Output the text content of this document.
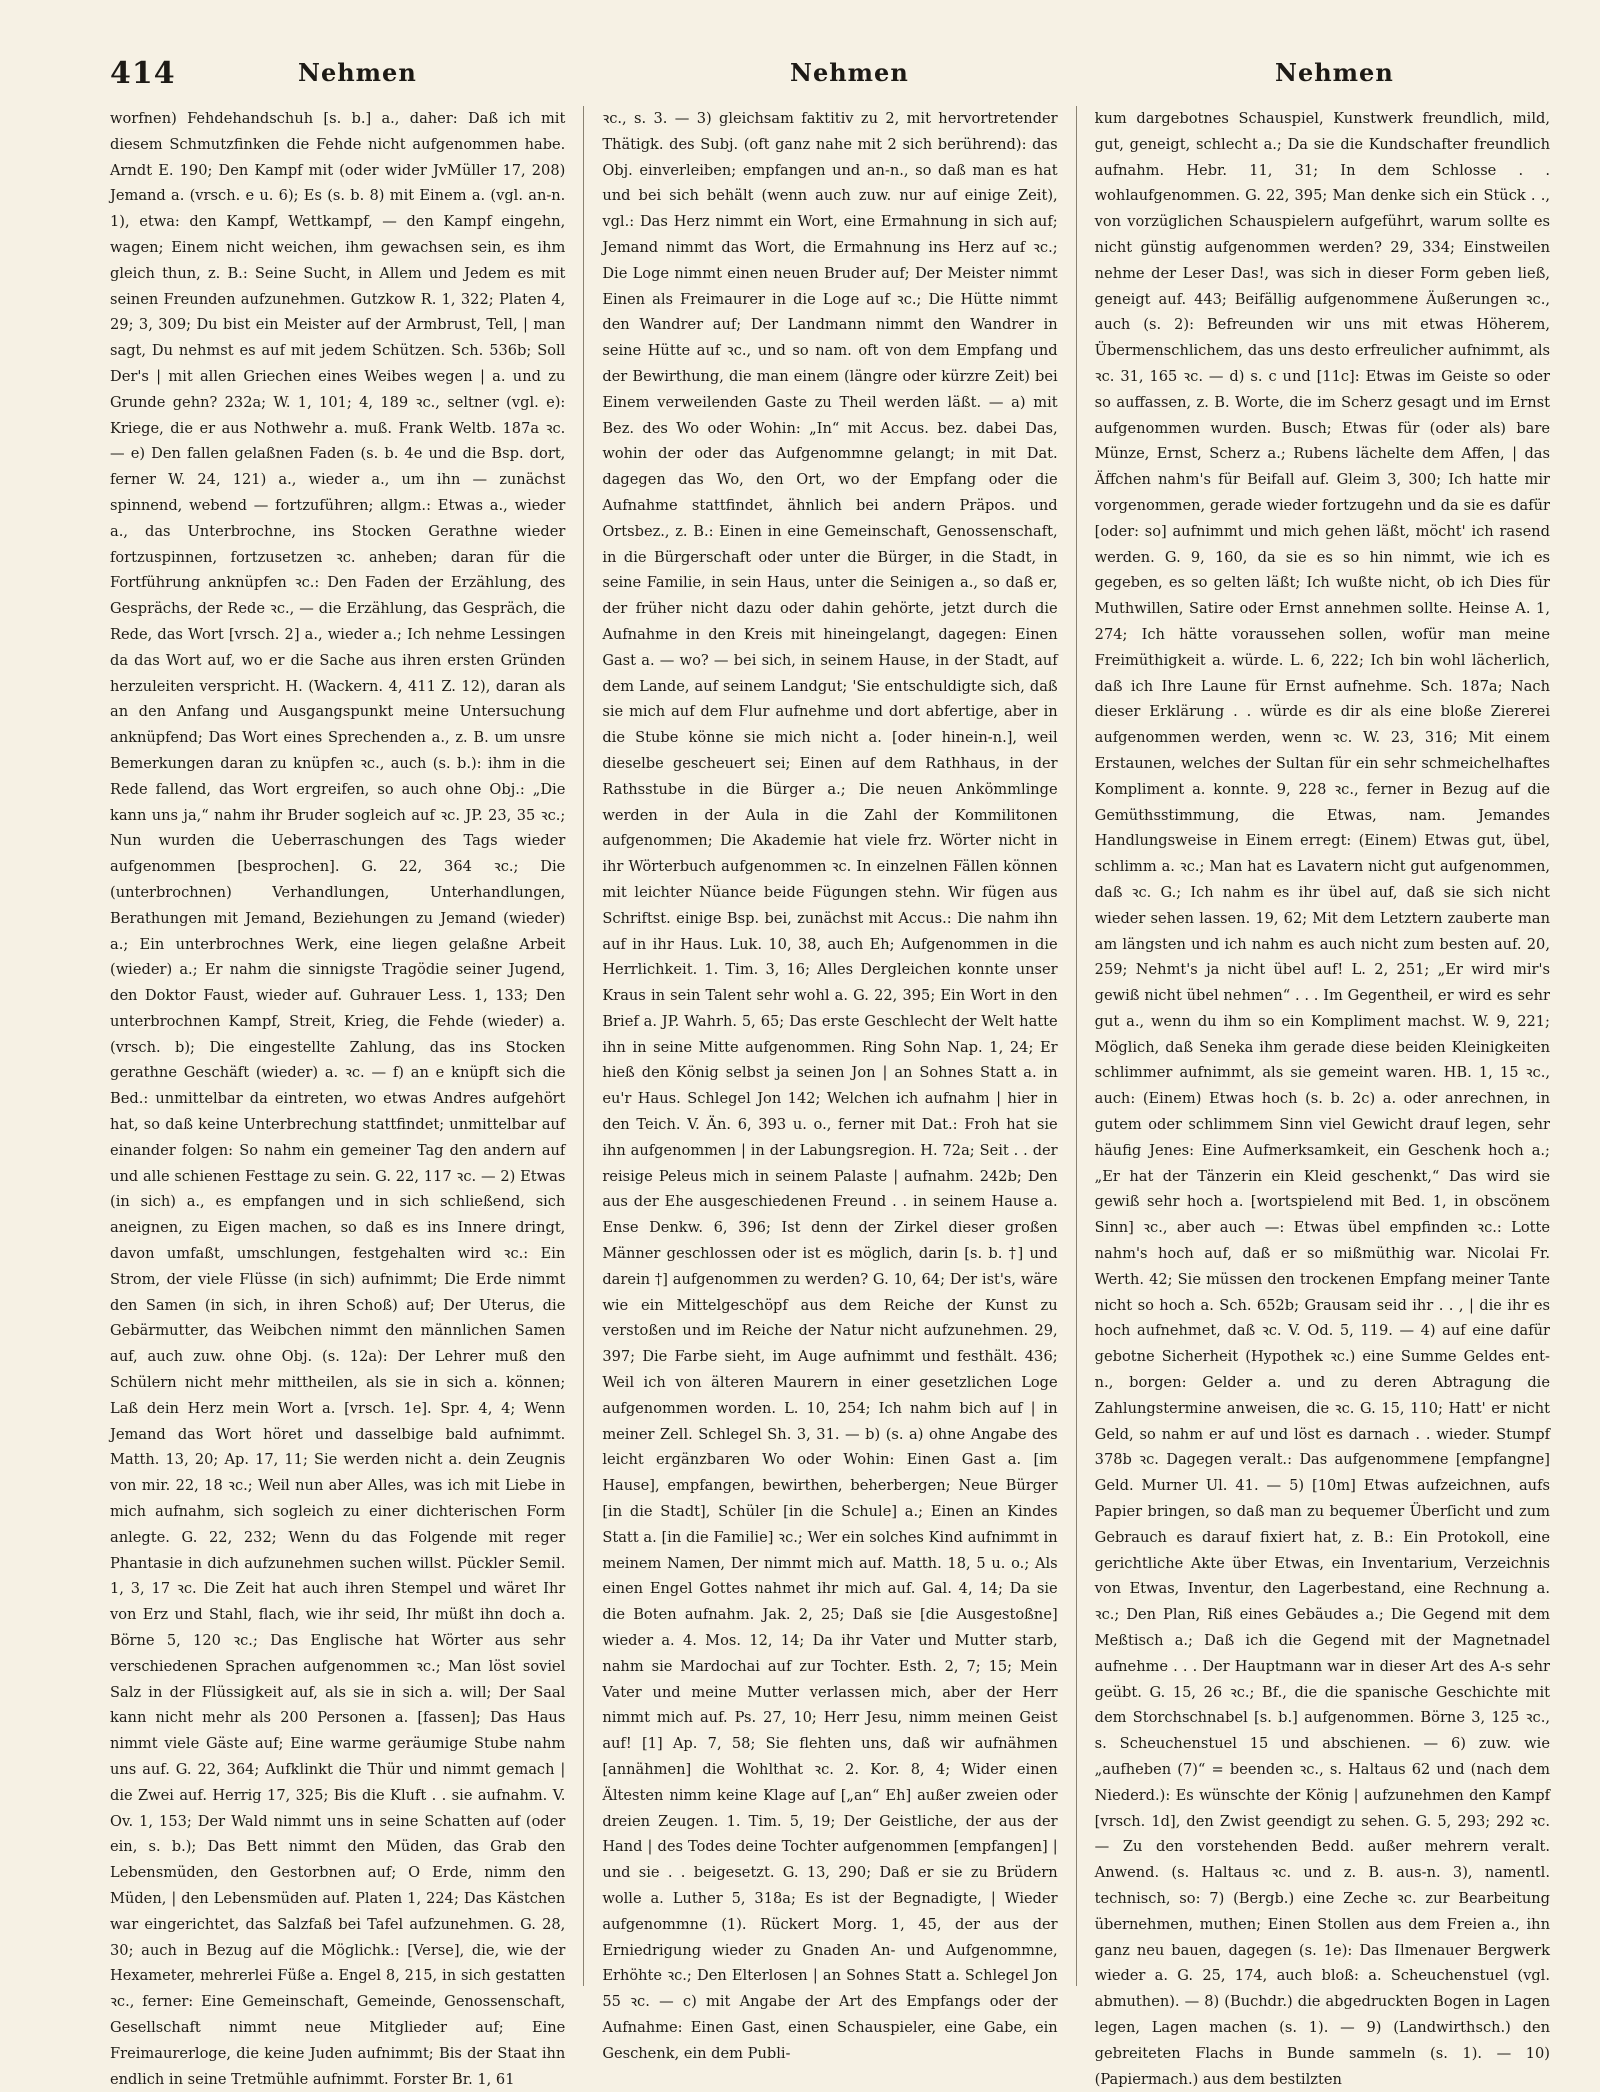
414	Nehmen	Nehmen	Nehmen
worfnen) Fehdehandschuh [s. b.] a., daher: Daß ich mit diesem Schmutzfinken die Fehde nicht aufgenommen habe. Arndt E. 190; Den Kampf mit (oder wider JvMüller 17, 208) Jemand a. (vrsch. e u. 6); Es (s. b. 8) mit Einem a. (vgl. an-n. 1), etwa: den Kampf, Wettkampf, — den Kampf eingehn, wagen; Einem nicht weichen, ihm gewachsen sein, es ihm gleich thun, z. B.: Seine Sucht, in Allem und Jedem es mit seinen Freunden aufzunehmen. Gutzkow R. 1, 322; Platen 4, 29; 3, 309; Du bist ein Meister auf der Armbrust, Tell, | man sagt, Du nehmst es auf mit jedem Schützen. Sch. 536b; Soll Der's | mit allen Griechen eines Weibes wegen | a. und zu Grunde gehn? 232a; W. 1, 101; 4, 189 ꝛc., seltner (vgl. e): Kriege, die er aus Nothwehr a. muß. Frank Weltb. 187a ꝛc. — e) Den fallen gelaßnen Faden (s. b. 4e und die Bsp. dort, ferner W. 24, 121) a., wieder a., um ihn — zunächst spinnend, webend — fortzuführen; allgm.: Etwas a., wieder a., das Unterbrochne, ins Stocken Gerathne wieder fortzuspinnen, fortzusetzen ꝛc. anheben; daran für die Fortführung anknüpfen ꝛc.: Den Faden der Erzählung, des Gesprächs, der Rede ꝛc., — die Erzählung, das Gespräch, die Rede, das Wort [vrsch. 2] a., wieder a.; Ich nehme Lessingen da das Wort auf, wo er die Sache aus ihren ersten Gründen herzuleiten verspricht. H. (Wackern. 4, 411 Z. 12), daran als an den Anfang und Ausgangspunkt meine Untersuchung anknüpfend; Das Wort eines Sprechenden a., z. B. um unsre Bemerkungen daran zu knüpfen ꝛc., auch (s. b.): ihm in die Rede fallend, das Wort ergreifen, so auch ohne Obj.: „Die kann uns ja,“ nahm ihr Bruder sogleich auf ꝛc. JP. 23, 35 ꝛc.; Nun wurden die Ueberraschungen des Tags wieder aufgenommen [besprochen]. G. 22, 364 ꝛc.; Die (unterbrochnen) Verhandlungen, Unterhandlungen, Berathungen mit Jemand, Beziehungen zu Jemand (wieder) a.; Ein unterbrochnes Werk, eine liegen gelaßne Arbeit (wieder) a.; Er nahm die sinnigste Tragödie seiner Jugend, den Doktor Faust, wieder auf. Guhrauer Less. 1, 133; Den unterbrochnen Kampf, Streit, Krieg, die Fehde (wieder) a. (vrsch. b); Die eingestellte Zahlung, das ins Stocken gerathne Geschäft (wieder) a. ꝛc. — f) an e knüpft sich die Bed.: unmittelbar da eintreten, wo etwas Andres aufgehört hat, so daß keine Unterbrechung stattfindet; unmittelbar auf einander folgen: So nahm ein gemeiner Tag den andern auf und alle schienen Festtage zu sein. G. 22, 117 ꝛc. — 2) Etwas (in sich) a., es empfangen und in sich schließend, sich aneignen, zu Eigen machen, so daß es ins Innere dringt, davon umfaßt, umschlungen, festgehalten wird ꝛc.: Ein Strom, der viele Flüsse (in sich) aufnimmt; Die Erde nimmt den Samen (in sich, in ihren Schoß) auf; Der Uterus, die Gebärmutter, das Weibchen nimmt den männlichen Samen auf, auch zuw. ohne Obj. (s. 12a): Der Lehrer muß den Schülern nicht mehr mittheilen, als sie in sich a. können; Laß dein Herz mein Wort a. [vrsch. 1e]. Spr. 4, 4; Wenn Jemand das Wort höret und dasselbige bald aufnimmt. Matth. 13, 20; Ap. 17, 11; Sie werden nicht a. dein Zeugnis von mir. 22, 18 ꝛc.; Weil nun aber Alles, was ich mit Liebe in mich aufnahm, sich sogleich zu einer dichterischen Form anlegte. G. 22, 232; Wenn du das Folgende mit reger Phantasie in dich aufzunehmen suchen willst. Pückler Semil. 1, 3, 17 ꝛc. Die Zeit hat auch ihren Stempel und wäret Ihr von Erz und Stahl, flach, wie ihr seid, Ihr müßt ihn doch a. Börne 5, 120 ꝛc.; Das Englische hat Wörter aus sehr verschiedenen Sprachen aufgenommen ꝛc.; Man löst soviel Salz in der Flüssigkeit auf, als sie in sich a. will; Der Saal kann nicht mehr als 200 Personen a. [fassen]; Das Haus nimmt viele Gäste auf; Eine warme geräumige Stube nahm uns auf. G. 22, 364; Aufklinkt die Thür und nimmt gemach | die Zwei auf. Herrig 17, 325; Bis die Kluft . . sie aufnahm. V. Ov. 1, 153; Der Wald nimmt uns in seine Schatten auf (oder ein, s. b.); Das Bett nimmt den Müden, das Grab den Lebensmüden, den Gestorbnen auf; O Erde, nimm den Müden, | den Lebensmüden auf. Platen 1, 224; Das Kästchen war eingerichtet, das Salzfaß bei Tafel aufzunehmen. G. 28, 30; auch in Bezug auf die Möglichk.: [Verse], die, wie der Hexameter, mehrerlei Füße a. Engel 8, 215, in sich gestatten ꝛc., ferner: Eine Gemeinschaft, Gemeinde, Genossenschaft, Gesellschaft nimmt neue Mitglieder auf; Eine Freimaurerloge, die keine Juden aufnimmt; Bis der Staat ihn endlich in seine Tretmühle aufnimmt. Forster Br. 1, 61
ꝛc., s. 3. — 3) gleichsam faktitiv zu 2, mit hervortretender Thätigk. des Subj. (oft ganz nahe mit 2 sich berührend): das Obj. einverleiben; empfangen und an-n., so daß man es hat und bei sich behält (wenn auch zuw. nur auf einige Zeit), vgl.: Das Herz nimmt ein Wort, eine Ermahnung in sich auf; Jemand nimmt das Wort, die Ermahnung ins Herz auf ꝛc.; Die Loge nimmt einen neuen Bruder auf; Der Meister nimmt Einen als Freimaurer in die Loge auf ꝛc.; Die Hütte nimmt den Wandrer auf; Der Landmann nimmt den Wandrer in seine Hütte auf ꝛc., und so nam. oft von dem Empfang und der Bewirthung, die man einem (längre oder kürzre Zeit) bei Einem verweilenden Gaste zu Theil werden läßt. — a) mit Bez. des Wo oder Wohin: „In“ mit Accus. bez. dabei Das, wohin der oder das Aufgenommne gelangt; in mit Dat. dagegen das Wo, den Ort, wo der Empfang oder die Aufnahme stattfindet, ähnlich bei andern Präpos. und Ortsbez., z. B.: Einen in eine Gemeinschaft, Genossenschaft, in die Bürgerschaft oder unter die Bürger, in die Stadt, in seine Familie, in sein Haus, unter die Seinigen a., so daß er, der früher nicht dazu oder dahin gehörte, jetzt durch die Aufnahme in den Kreis mit hineingelangt, dagegen: Einen Gast a. — wo? — bei sich, in seinem Hause, in der Stadt, auf dem Lande, auf seinem Landgut; 'Sie entschuldigte sich, daß sie mich auf dem Flur aufnehme und dort abfertige, aber in die Stube könne sie mich nicht a. [oder hinein-n.], weil dieselbe gescheuert sei; Einen auf dem Rathhaus, in der Rathsstube in die Bürger a.; Die neuen Ankömmlinge werden in der Aula in die Zahl der Kommilitonen aufgenommen; Die Akademie hat viele frz. Wörter nicht in ihr Wörterbuch aufgenommen ꝛc. In einzelnen Fällen können mit leichter Nüance beide Fügungen stehn. Wir fügen aus Schriftst. einige Bsp. bei, zunächst mit Accus.: Die nahm ihn auf in ihr Haus. Luk. 10, 38, auch Eh; Aufgenommen in die Herrlichkeit. 1. Tim. 3, 16; Alles Dergleichen konnte unser Kraus in sein Talent sehr wohl a. G. 22, 395; Ein Wort in den Brief a. JP. Wahrh. 5, 65; Das erste Geschlecht der Welt hatte ihn in seine Mitte aufgenommen. Ring Sohn Nap. 1, 24; Er hieß den König selbst ja seinen Jon | an Sohnes Statt a. in eu'r Haus. Schlegel Jon 142; Welchen ich aufnahm | hier in den Teich. V. Än. 6, 393 u. o., ferner mit Dat.: Froh hat sie ihn aufgenommen | in der Labungsregion. H. 72a; Seit . . der reisige Peleus mich in seinem Palaste | aufnahm. 242b; Den aus der Ehe ausgeschiedenen Freund . . in seinem Hause a. Ense Denkw. 6, 396; Ist denn der Zirkel dieser großen Männer geschlossen oder ist es möglich, darin [s. b. †] und darein †] aufgenommen zu werden? G. 10, 64; Der ist's, wäre wie ein Mittelgeschöpf aus dem Reiche der Kunst zu verstoßen und im Reiche der Natur nicht aufzunehmen. 29, 397; Die Farbe sieht, im Auge aufnimmt und festhält. 436; Weil ich von älteren Maurern in einer gesetzlichen Loge aufgenommen worden. L. 10, 254; Ich nahm bich auf | in meiner Zell. Schlegel Sh. 3, 31. — b) (s. a) ohne Angabe des leicht ergänzbaren Wo oder Wohin: Einen Gast a. [im Hause], empfangen, bewirthen, beherbergen; Neue Bürger [in die Stadt], Schüler [in die Schule] a.; Einen an Kindes Statt a. [in die Familie] ꝛc.; Wer ein solches Kind aufnimmt in meinem Namen, Der nimmt mich auf. Matth. 18, 5 u. o.; Als einen Engel Gottes nahmet ihr mich auf. Gal. 4, 14; Da sie die Boten aufnahm. Jak. 2, 25; Daß sie [die Ausgestoßne] wieder a. 4. Mos. 12, 14; Da ihr Vater und Mutter starb, nahm sie Mardochai auf zur Tochter. Esth. 2, 7; 15; Mein Vater und meine Mutter verlassen mich, aber der Herr nimmt mich auf. Ps. 27, 10; Herr Jesu, nimm meinen Geist auf! [1] Ap. 7, 58; Sie flehten uns, daß wir aufnähmen [annähmen] die Wohlthat ꝛc. 2. Kor. 8, 4; Wider einen Ältesten nimm keine Klage auf [„an“ Eh] außer zweien oder dreien Zeugen. 1. Tim. 5, 19; Der Geistliche, der aus der Hand | des Todes deine Tochter aufgenommen [empfangen] | und sie . . beigesetzt. G. 13, 290; Daß er sie zu Brüdern wolle a. Luther 5, 318a; Es ist der Begnadigte, | Wieder aufgenommne (1). Rückert Morg. 1, 45, der aus der Erniedrigung wieder zu Gnaden An- und Aufgenommne, Erhöhte ꝛc.; Den Elterlosen | an Sohnes Statt a. Schlegel Jon 55 ꝛc. — c) mit Angabe der Art des Empfangs oder der Aufnahme: Einen Gast, einen Schauspieler, eine Gabe, ein Geschenk, ein dem Publi-
kum dargebotnes Schauspiel, Kunstwerk freundlich, mild, gut, geneigt, schlecht a.; Da sie die Kundschafter freundlich aufnahm. Hebr. 11, 31; In dem Schlosse . . wohlaufgenommen. G. 22, 395; Man denke sich ein Stück . ., von vorzüglichen Schauspielern aufgeführt, warum sollte es nicht günstig aufgenommen werden? 29, 334; Einstweilen nehme der Leser Das!, was sich in dieser Form geben ließ, geneigt auf. 443; Beifällig aufgenommene Äußerungen ꝛc., auch (s. 2): Befreunden wir uns mit etwas Höherem, Übermenschlichem, das uns desto erfreulicher aufnimmt, als ꝛc. 31, 165 ꝛc. — d) s. c und [11c]: Etwas im Geiste so oder so auffassen, z. B. Worte, die im Scherz gesagt und im Ernst aufgenommen wurden. Busch; Etwas für (oder als) bare Münze, Ernst, Scherz a.; Rubens lächelte dem Affen, | das Äffchen nahm's für Beifall auf. Gleim 3, 300; Ich hatte mir vorgenommen, gerade wieder fortzugehn und da sie es dafür [oder: so] aufnimmt und mich gehen läßt, möcht' ich rasend werden. G. 9, 160, da sie es so hin nimmt, wie ich es gegeben, es so gelten läßt; Ich wußte nicht, ob ich Dies für Muthwillen, Satire oder Ernst annehmen sollte. Heinse A. 1, 274; Ich hätte voraussehen sollen, wofür man meine Freimüthigkeit a. würde. L. 6, 222; Ich bin wohl lächerlich, daß ich Ihre Laune für Ernst aufnehme. Sch. 187a; Nach dieser Erklärung . . würde es dir als eine bloße Ziererei aufgenommen werden, wenn ꝛc. W. 23, 316; Mit einem Erstaunen, welches der Sultan für ein sehr schmeichelhaftes Kompliment a. konnte. 9, 228 ꝛc., ferner in Bezug auf die Gemüthsstimmung, die Etwas, nam. Jemandes Handlungsweise in Einem erregt: (Einem) Etwas gut, übel, schlimm a. ꝛc.; Man hat es Lavatern nicht gut aufgenommen, daß ꝛc. G.; Ich nahm es ihr übel auf, daß sie sich nicht wieder sehen lassen. 19, 62; Mit dem Letztern zauberte man am längsten und ich nahm es auch nicht zum besten auf. 20, 259; Nehmt's ja nicht übel auf! L. 2, 251; „Er wird mir's gewiß nicht übel nehmen“ . . . Im Gegentheil, er wird es sehr gut a., wenn du ihm so ein Kompliment machst. W. 9, 221; Möglich, daß Seneka ihm gerade diese beiden Kleinigkeiten schlimmer aufnimmt, als sie gemeint waren. HB. 1, 15 ꝛc., auch: (Einem) Etwas hoch (s. b. 2c) a. oder anrechnen, in gutem oder schlimmem Sinn viel Gewicht drauf legen, sehr häufig Jenes: Eine Aufmerksamkeit, ein Geschenk hoch a.; „Er hat der Tänzerin ein Kleid geschenkt,“ Das wird sie gewiß sehr hoch a. [wortspielend mit Bed. 1, in obscönem Sinn] ꝛc., aber auch —: Etwas übel empfinden ꝛc.: Lotte nahm's hoch auf, daß er so mißmüthig war. Nicolai Fr. Werth. 42; Sie müssen den trockenen Empfang meiner Tante nicht so hoch a. Sch. 652b; Grausam seid ihr . . , | die ihr es hoch aufnehmet, daß ꝛc. V. Od. 5, 119. — 4) auf eine dafür gebotne Sicherheit (Hypothek ꝛc.) eine Summe Geldes ent-n., borgen: Gelder a. und zu deren Abtragung die Zahlungstermine anweisen, die ꝛc. G. 15, 110; Hatt' er nicht Geld, so nahm er auf und löst es darnach . . wieder. Stumpf 378b ꝛc. Dagegen veralt.: Das aufgenommene [empfangne] Geld. Murner Ul. 41. — 5) [10m] Etwas aufzeichnen, aufs Papier bringen, so daß man zu bequemer Überſicht und zum Gebrauch es darauf fixiert hat, z. B.: Ein Protokoll, eine gerichtliche Akte über Etwas, ein Inventarium, Verzeichnis von Etwas, Inventur, den Lagerbestand, eine Rechnung a. ꝛc.; Den Plan, Riß eines Gebäudes a.; Die Gegend mit dem Meßtisch a.; Daß ich die Gegend mit der Magnetnadel aufnehme . . . Der Hauptmann war in dieser Art des A-s sehr geübt. G. 15, 26 ꝛc.; Bf., die die spanische Geschichte mit dem Storchschnabel [s. b.] aufgenommen. Börne 3, 125 ꝛc., s. Scheuchenstuel 15 und abschienen. — 6) zuw. wie „aufheben (7)“ = beenden ꝛc., s. Haltaus 62 und (nach dem Niederd.): Es wünschte der König | aufzunehmen den Kampf [vrsch. 1d], den Zwist geendigt zu sehen. G. 5, 293; 292 ꝛc. — Zu den vorstehenden Bedd. außer mehrern veralt. Anwend. (s. Haltaus ꝛc. und z. B. aus-n. 3), namentl. technisch, so: 7) (Bergb.) eine Zeche ꝛc. zur Bearbeitung übernehmen, muthen; Einen Stollen aus dem Freien a., ihn ganz neu bauen, dagegen (s. 1e): Das Ilmenauer Bergwerk wieder a. G. 25, 174, auch bloß: a. Scheuchenstuel (vgl. abmuthen). — 8) (Buchdr.) die abgedruckten Bogen in Lagen legen, Lagen machen (s. 1). — 9) (Landwirthsch.) den gebreiteten Flachs in Bunde sammeln (s. 1). — 10) (Papiermach.) aus dem bestilzten
